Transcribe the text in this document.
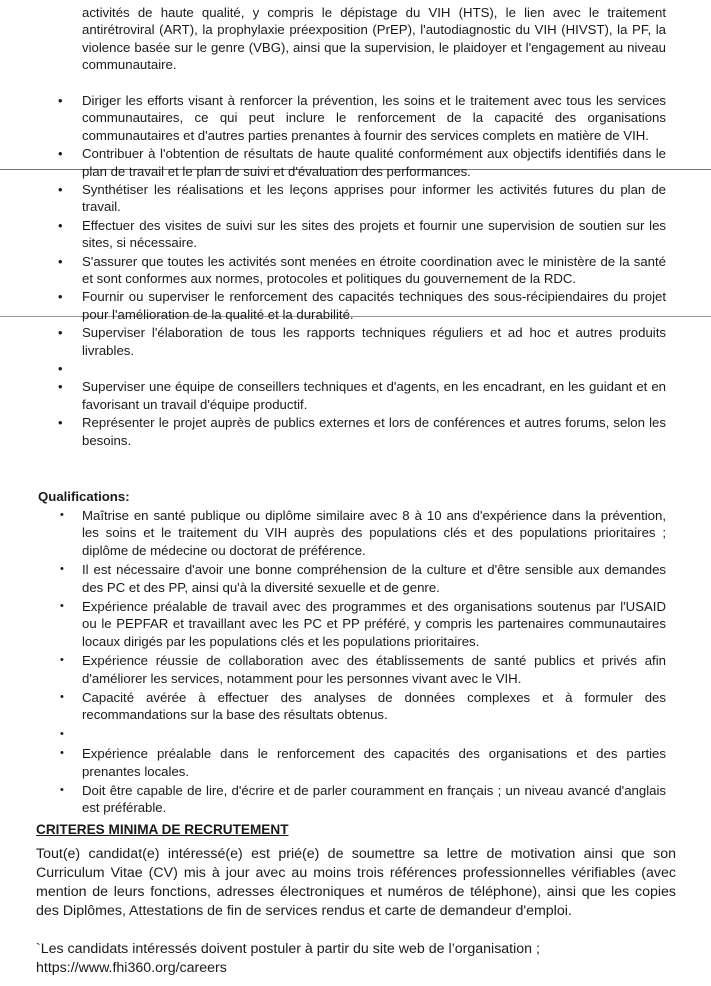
activités de haute qualité, y compris le dépistage du VIH (HTS), le lien avec le traitement antirétroviral (ART), la prophylaxie préexposition (PrEP), l'autodiagnostic du VIH (HIVST), la PF, la violence basée sur le genre (VBG), ainsi que la supervision, le plaidoyer et l'engagement au niveau communautaire.

• Diriger les efforts visant à renforcer la prévention, les soins et le traitement avec tous les services communautaires, ce qui peut inclure le renforcement de la capacité des organisations communautaires et d'autres parties prenantes à fournir des services complets en matière de VIH.
• Contribuer à l'obtention de résultats de haute qualité conformément aux objectifs identifiés dans le plan de travail et le plan de suivi et d'évaluation des performances.
• Synthétiser les réalisations et les leçons apprises pour informer les activités futures du plan de travail.
• Effectuer des visites de suivi sur les sites des projets et fournir une supervision de soutien sur les sites, si nécessaire.
• S'assurer que toutes les activités sont menées en étroite coordination avec le ministère de la santé et sont conformes aux normes, protocoles et politiques du gouvernement de la RDC.
• Fournir ou superviser le renforcement des capacités techniques des sous-récipiendaires du projet pour l'amélioration de la qualité et la durabilité.
• Superviser l'élaboration de tous les rapports techniques réguliers et ad hoc et autres produits livrables.
•
• Superviser une équipe de conseillers techniques et d'agents, en les encadrant, en les guidant et en favorisant un travail d'équipe productif.
• Représenter le projet auprès de publics externes et lors de conférences et autres forums, selon les besoins.

Qualifications:

• Maîtrise en santé publique ou diplôme similaire avec 8 à 10 ans d'expérience dans la prévention, les soins et le traitement du VIH auprès des populations clés et des populations prioritaires ; diplôme de médecine ou doctorat de préférence.
• Il est nécessaire d'avoir une bonne compréhension de la culture et d'être sensible aux demandes des PC et des PP, ainsi qu'à la diversité sexuelle et de genre.
• Expérience préalable de travail avec des programmes et des organisations soutenus par l'USAID ou le PEPFAR et travaillant avec les PC et PP préféré, y compris les partenaires communautaires locaux dirigés par les populations clés et les populations prioritaires.
• Expérience réussie de collaboration avec des établissements de santé publics et privés afin d'améliorer les services, notamment pour les personnes vivant avec le VIH.
• Capacité avérée à effectuer des analyses de données complexes et à formuler des recommandations sur la base des résultats obtenus.
•
• Expérience préalable dans le renforcement des capacités des organisations et des parties prenantes locales.
• Doit être capable de lire, d'écrire et de parler couramment en français ; un niveau avancé d'anglais est préférable.

CRITERES MINIMA DE RECRUTEMENT

Tout(e) candidat(e) intéressé(e) est prié(e) de soumettre sa lettre de motivation ainsi que son Curriculum Vitae (CV) mis à jour avec au moins trois références professionnelles vérifiables (avec mention de leurs fonctions, adresses électroniques et numéros de téléphone), ainsi que les copies des Diplômes, Attestations de fin de services rendus et carte de demandeur d'emploi.

`Les candidats intéressés doivent postuler à partir du site web de l’organisation ;

https://www.fhi360.org/careers
